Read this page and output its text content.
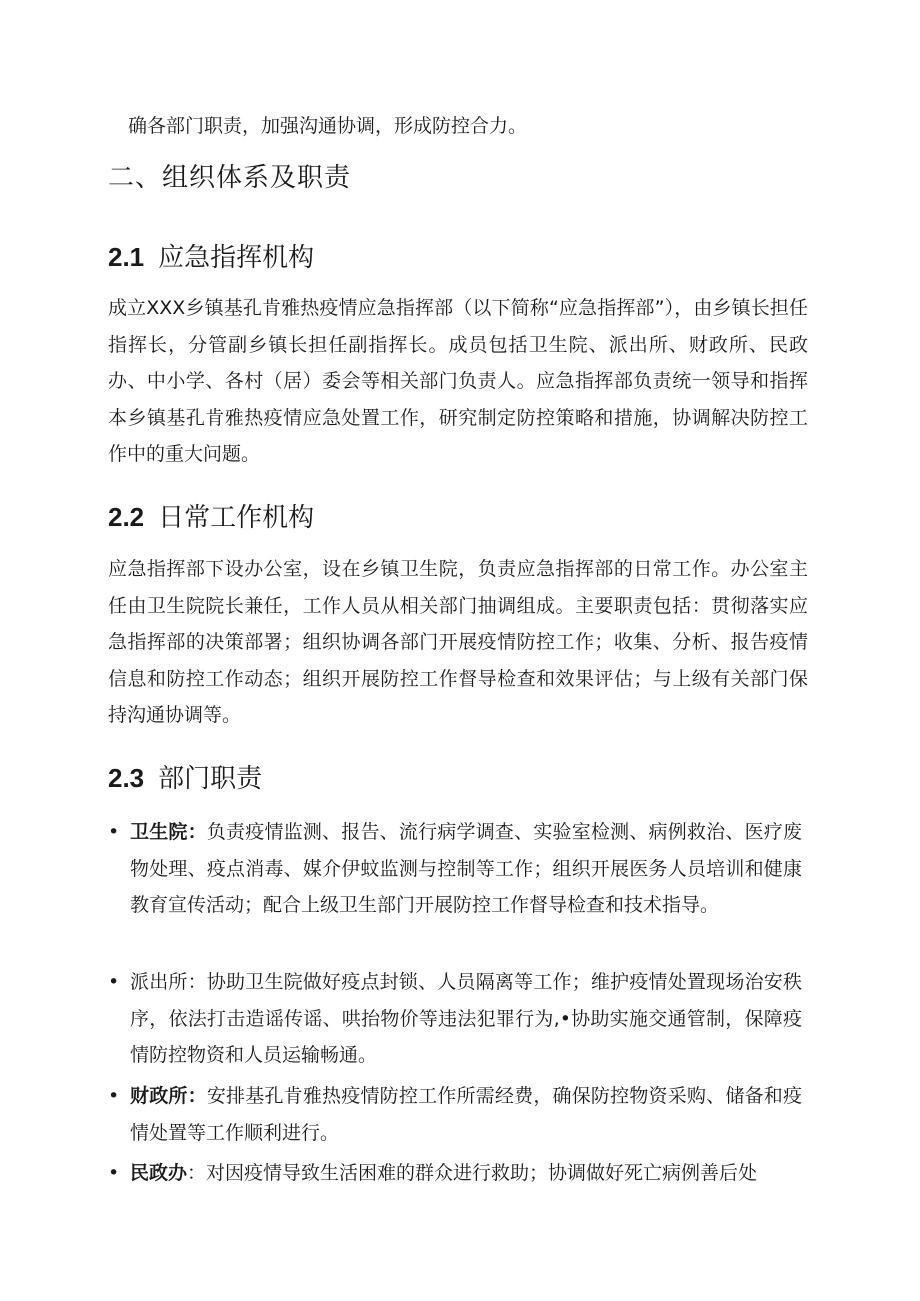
确各部门职责，加强沟通协调，形成防控合力。

二、组织体系及职责
2.1 应急指挥机构

成立XXX乡镇基孔肯雅热疫情应急指挥部（以下简称“应急指挥部”），由乡镇长担任指挥长，分管副乡镇长担任副指挥长。成员包括卫生院、派出所、财政所、民政办、中小学、各村（居）委会等相关部门负责人。应急指挥部负责统一领导和指挥本乡镇基孔肯雅热疫情应急处置工作，研究制定防控策略和措施，协调解决防控工作中的重大问题。

2.2 日常工作机构

应急指挥部下设办公室，设在乡镇卫生院，负责应急指挥部的日常工作。办公室主任由卫生院院长兼任，工作人员从相关部门抽调组成。主要职责包括：贯彻落实应急指挥部的决策部署；组织协调各部门开展疫情防控工作；收集、分析、报告疫情信息和防控工作动态；组织开展防控工作督导检查和效果评估；与上级有关部门保持沟通协调等。

2.3 部门职责
• 卫生院：负责疫情监测、报告、流行病学调查、实验室检测、病例救治、医疗废物处理、疫点消毒、媒介伊蚊监测与控制等工作；组织开展医务人员培训和健康教育宣传活动；配合上级卫生部门开展防控工作督导检查和技术指导。

• 派出所：协助卫生院做好疫点封锁、人员隔离等工作；维护疫情处置现场治安秩序，依法打击造谣传谣、哄抬物价等违法犯罪行为,•协助实施交通管制，保障疫情防控物资和人员运输畅通。

• 财政所：安排基孔肯雅热疫情防控工作所需经费，确保防控物资采购、储备和疫情处置等工作顺利进行。

• 民政办：对因疫情导致生活困难的群众进行救助；协调做好死亡病例善后处
